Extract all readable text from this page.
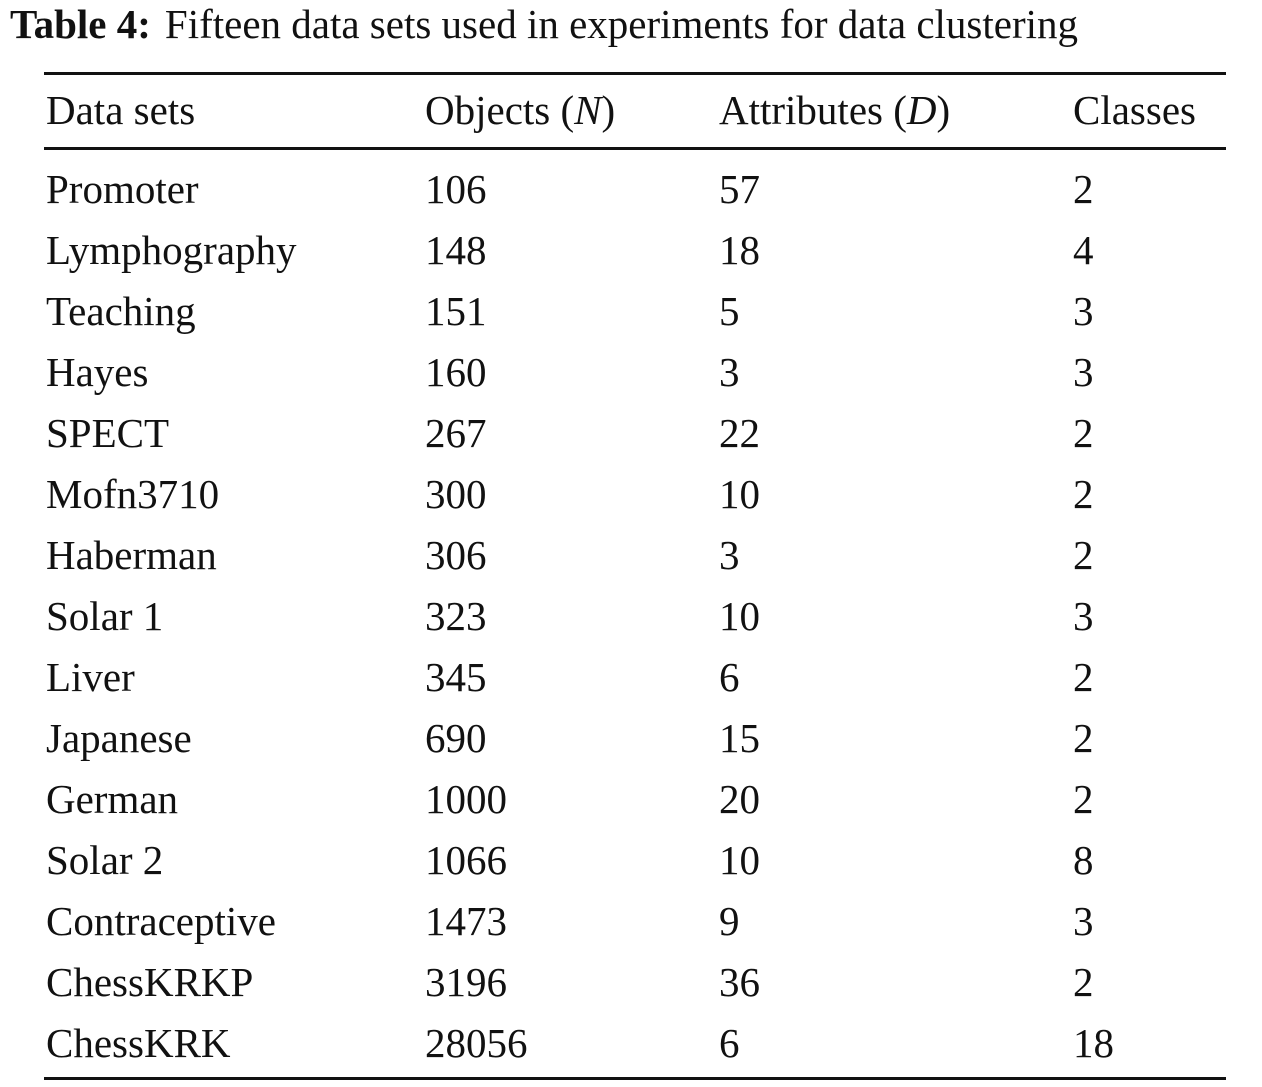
Table 4: Fifteen data sets used in experiments for data clustering
Data sets	Objects (N)	Attributes (D)	Classes
Promoter	106	57	2
Lymphography	148	18	4
Teaching	151	5	3
Hayes	160	3	3
SPECT	267	22	2
Mofn3710	300	10	2
Haberman	306	3	2
Solar 1	323	10	3
Liver	345	6	2
Japanese	690	15	2
German	1000	20	2
Solar 2	1066	10	8
Contraceptive	1473	9	3
ChessKRKP	3196	36	2
ChessKRK	28056	6	18
